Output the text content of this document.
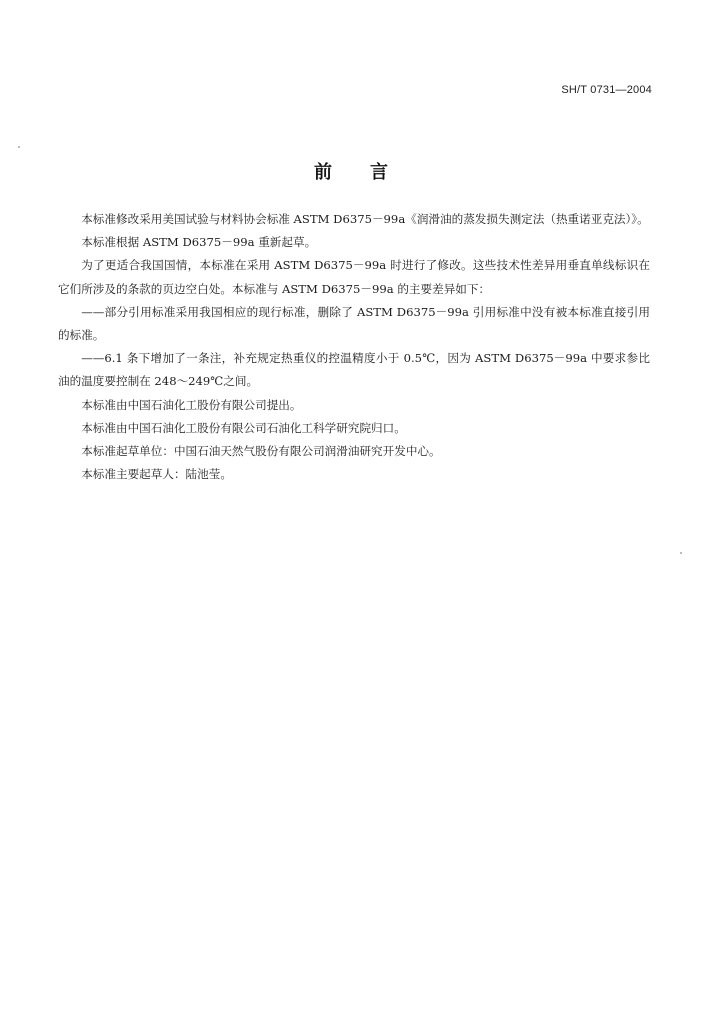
SH/T 0731—2004
前言

本标准修改采用美国试验与材料协会标准 ASTM D6375－99a《润滑油的蒸发损失测定法（热重诺亚克法）》。

本标准根据 ASTM D6375－99a 重新起草。

为了更适合我国国情，本标准在采用 ASTM D6375－99a 时进行了修改。这些技术性差异用垂直单线标识在它们所涉及的条款的页边空白处。本标准与 ASTM D6375－99a 的主要差异如下：

——部分引用标准采用我国相应的现行标准，删除了 ASTM D6375－99a 引用标准中没有被本标准直接引用的标准。

——6.1 条下增加了一条注，补充规定热重仪的控温精度小于 0.5℃，因为 ASTM D6375－99a 中要求参比油的温度要控制在 248～249℃之间。

本标准由中国石油化工股份有限公司提出。

本标准由中国石油化工股份有限公司石油化工科学研究院归口。

本标准起草单位：中国石油天然气股份有限公司润滑油研究开发中心。

本标准主要起草人：陆池莹。
